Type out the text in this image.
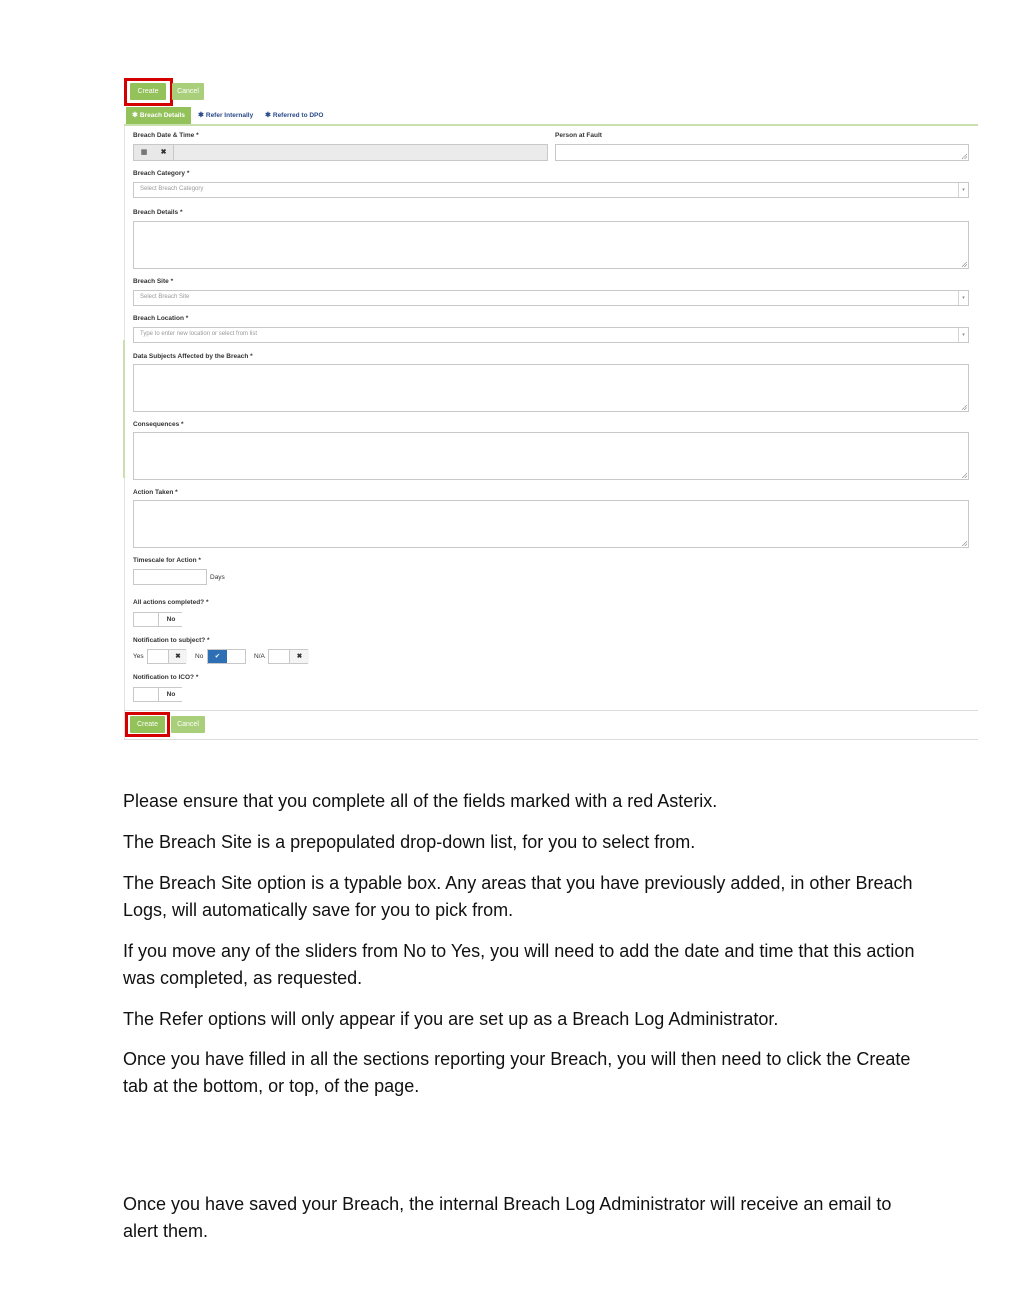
Create	Cancel
✱ Breach Details	✱ Refer Internally ✱ Referred to DPO
Breach Date & Time *
▦	✖
Person at Fault
Breach Category *
Select Breach Category	▾
Breach Details *
Breach Site *
Select Breach Site	▾
Breach Location *
Type to enter new location or select from list	▾
Data Subjects Affected by the Breach *
Consequences *
Action Taken *
Timescale for Action *
Days
All actions completed? *
No
Notification to subject? *
Yes	✖	No	✔	N/A	✖
Notification to ICO? *
No
Create	Cancel
Please ensure that you complete all of the fields marked with a red Asterix.
The Breach Site is a prepopulated drop-down list, for you to select from.
The Breach Site option is a typable box. Any areas that you have previously added, in other Breach Logs, will automatically save for you to pick from.
If you move any of the sliders from No to Yes, you will need to add the date and time that this action was completed, as requested.
The Refer options will only appear if you are set up as a Breach Log Administrator.
Once you have filled in all the sections reporting your Breach, you will then need to click the Create tab at the bottom, or top, of the page.
Once you have saved your Breach, the internal Breach Log Administrator will receive an email to alert them.
